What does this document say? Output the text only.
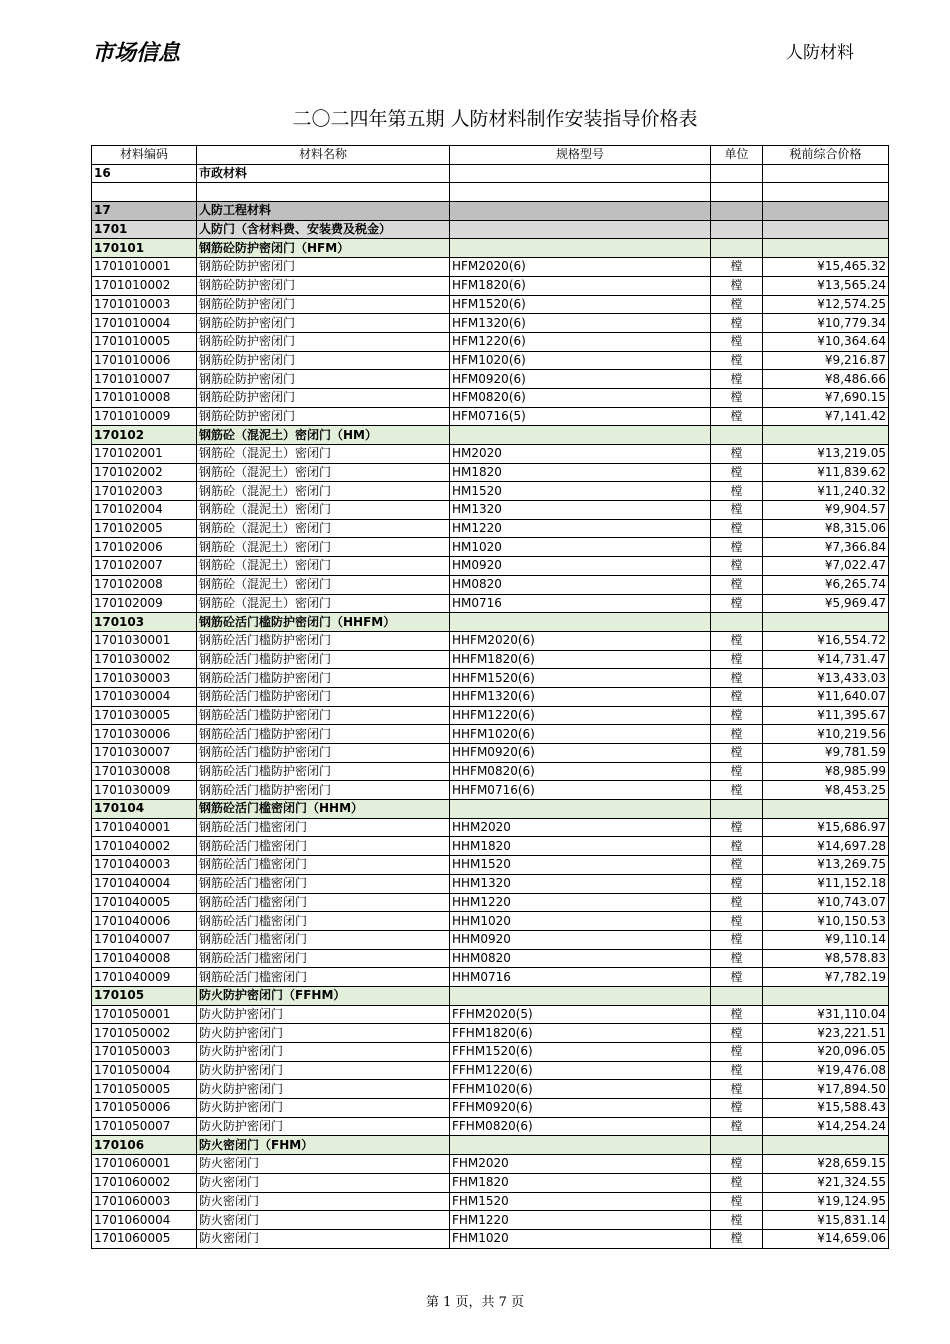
市场信息	人防材料
二〇二四年第五期 人防材料制作安装指导价格表
材料编码	材料名称	规格型号	单位	税前综合价格
16	市政材料			

17	人防工程材料			
1701	人防门（含材料费、安装费及税金）			
170101	钢筋砼防护密闭门（HFM）			
1701010001	钢筋砼防护密闭门	HFM2020(6)	樘	¥15,465.32
1701010002	钢筋砼防护密闭门	HFM1820(6)	樘	¥13,565.24
1701010003	钢筋砼防护密闭门	HFM1520(6)	樘	¥12,574.25
1701010004	钢筋砼防护密闭门	HFM1320(6)	樘	¥10,779.34
1701010005	钢筋砼防护密闭门	HFM1220(6)	樘	¥10,364.64
1701010006	钢筋砼防护密闭门	HFM1020(6)	樘	¥9,216.87
1701010007	钢筋砼防护密闭门	HFM0920(6)	樘	¥8,486.66
1701010008	钢筋砼防护密闭门	HFM0820(6)	樘	¥7,690.15
1701010009	钢筋砼防护密闭门	HFM0716(5)	樘	¥7,141.42
170102	钢筋砼（混泥土）密闭门（HM）			
170102001	钢筋砼（混泥土）密闭门	HM2020	樘	¥13,219.05
170102002	钢筋砼（混泥土）密闭门	HM1820	樘	¥11,839.62
170102003	钢筋砼（混泥土）密闭门	HM1520	樘	¥11,240.32
170102004	钢筋砼（混泥土）密闭门	HM1320	樘	¥9,904.57
170102005	钢筋砼（混泥土）密闭门	HM1220	樘	¥8,315.06
170102006	钢筋砼（混泥土）密闭门	HM1020	樘	¥7,366.84
170102007	钢筋砼（混泥土）密闭门	HM0920	樘	¥7,022.47
170102008	钢筋砼（混泥土）密闭门	HM0820	樘	¥6,265.74
170102009	钢筋砼（混泥土）密闭门	HM0716	樘	¥5,969.47
170103	钢筋砼活门槛防护密闭门（HHFM）			
1701030001	钢筋砼活门槛防护密闭门	HHFM2020(6)	樘	¥16,554.72
1701030002	钢筋砼活门槛防护密闭门	HHFM1820(6)	樘	¥14,731.47
1701030003	钢筋砼活门槛防护密闭门	HHFM1520(6)	樘	¥13,433.03
1701030004	钢筋砼活门槛防护密闭门	HHFM1320(6)	樘	¥11,640.07
1701030005	钢筋砼活门槛防护密闭门	HHFM1220(6)	樘	¥11,395.67
1701030006	钢筋砼活门槛防护密闭门	HHFM1020(6)	樘	¥10,219.56
1701030007	钢筋砼活门槛防护密闭门	HHFM0920(6)	樘	¥9,781.59
1701030008	钢筋砼活门槛防护密闭门	HHFM0820(6)	樘	¥8,985.99
1701030009	钢筋砼活门槛防护密闭门	HHFM0716(6)	樘	¥8,453.25
170104	钢筋砼活门槛密闭门（HHM）			
1701040001	钢筋砼活门槛密闭门	HHM2020	樘	¥15,686.97
1701040002	钢筋砼活门槛密闭门	HHM1820	樘	¥14,697.28
1701040003	钢筋砼活门槛密闭门	HHM1520	樘	¥13,269.75
1701040004	钢筋砼活门槛密闭门	HHM1320	樘	¥11,152.18
1701040005	钢筋砼活门槛密闭门	HHM1220	樘	¥10,743.07
1701040006	钢筋砼活门槛密闭门	HHM1020	樘	¥10,150.53
1701040007	钢筋砼活门槛密闭门	HHM0920	樘	¥9,110.14
1701040008	钢筋砼活门槛密闭门	HHM0820	樘	¥8,578.83
1701040009	钢筋砼活门槛密闭门	HHM0716	樘	¥7,782.19
170105	防火防护密闭门（FFHM）			
1701050001	防火防护密闭门	FFHM2020(5)	樘	¥31,110.04
1701050002	防火防护密闭门	FFHM1820(6)	樘	¥23,221.51
1701050003	防火防护密闭门	FFHM1520(6)	樘	¥20,096.05
1701050004	防火防护密闭门	FFHM1220(6)	樘	¥19,476.08
1701050005	防火防护密闭门	FFHM1020(6)	樘	¥17,894.50
1701050006	防火防护密闭门	FFHM0920(6)	樘	¥15,588.43
1701050007	防火防护密闭门	FFHM0820(6)	樘	¥14,254.24
170106	防火密闭门（FHM）			
1701060001	防火密闭门	FHM2020	樘	¥28,659.15
1701060002	防火密闭门	FHM1820	樘	¥21,324.55
1701060003	防火密闭门	FHM1520	樘	¥19,124.95
1701060004	防火密闭门	FHM1220	樘	¥15,831.14
1701060005	防火密闭门	FHM1020	樘	¥14,659.06
第 1 页，共 7 页
